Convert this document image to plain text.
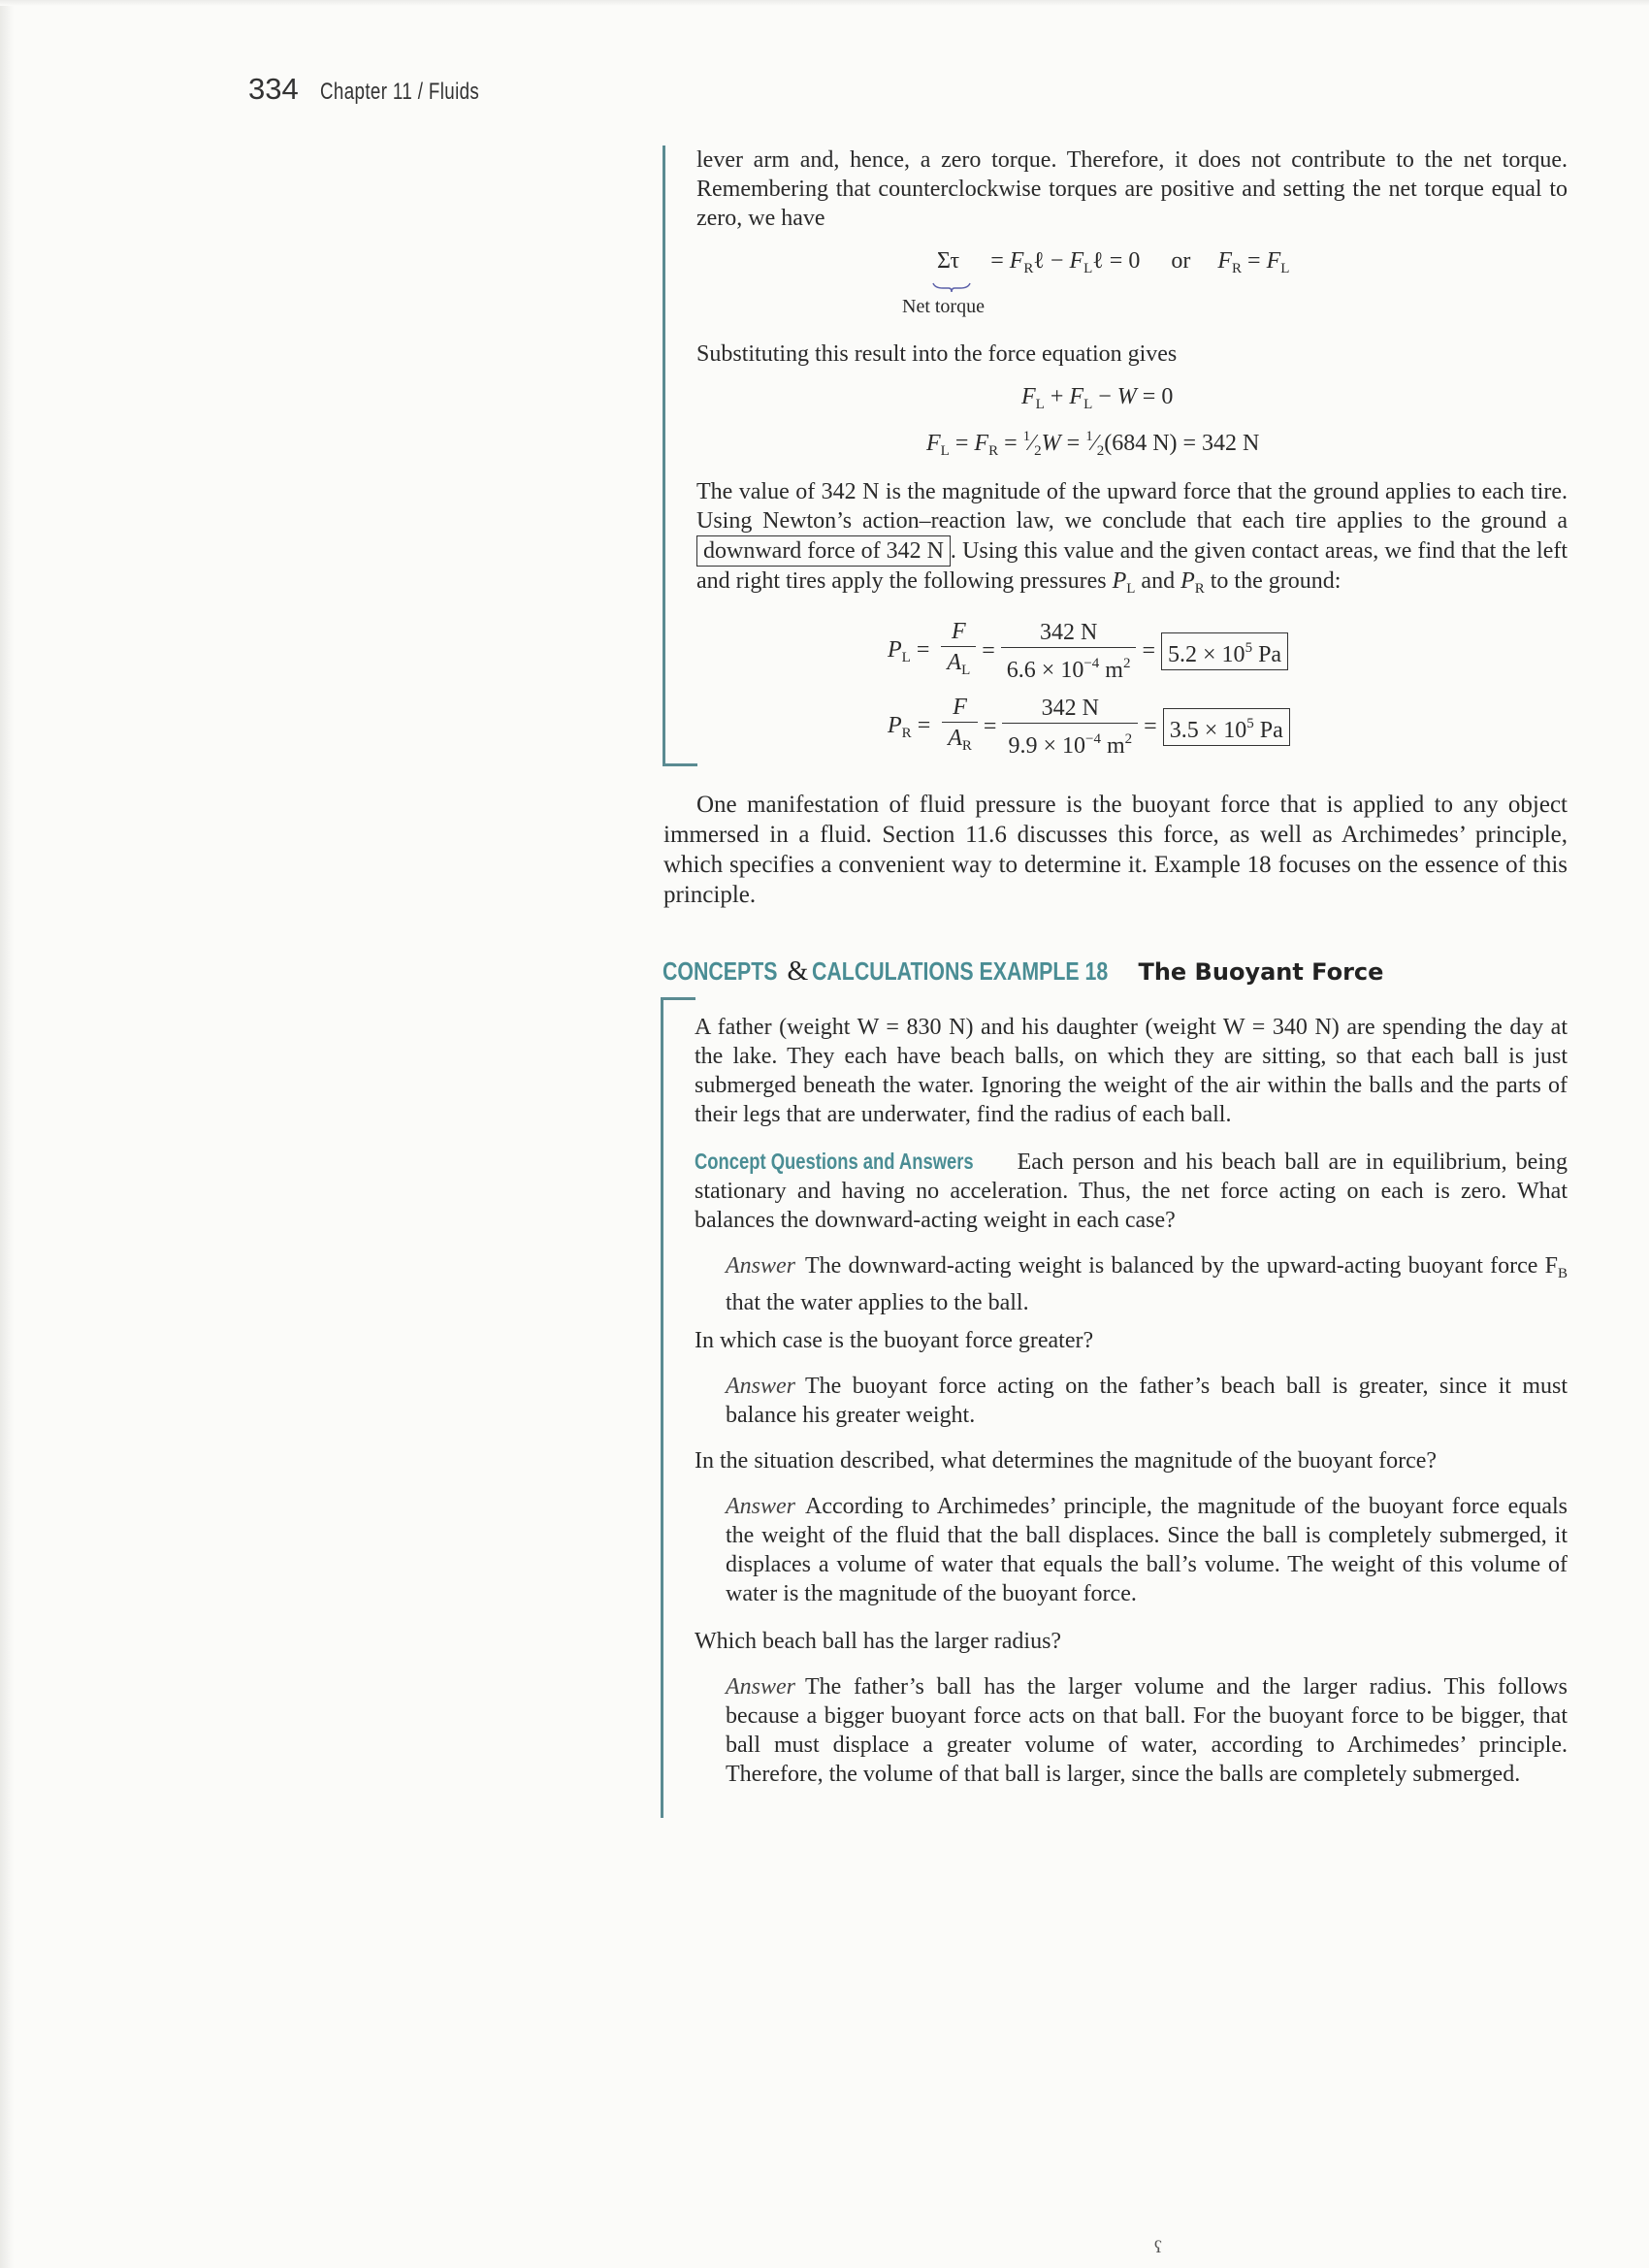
334 Chapter 11 / Fluids
lever arm and, hence, a zero torque. Therefore, it does not contribute to the net torque. Remembering that counterclockwise torques are positive and setting the net torque equal to zero, we have
$\Sigma\tau = F_R\ell$ − $F_L\ell = 0$ or $F_R = F_L$
Net torque
Substituting this result into the force equation gives
$F_L + F_L - W = 0$
$F_L = F_R$ = $^1⁄_2W$ = $^1⁄_2(684$ N) = 342 N
The value of 342 N is the magnitude of the upward force that the ground applies to each tire. Using Newton’s action–reaction law, we conclude that each tire applies to the ground a downward force of 342 N . Using this value and the given contact areas, we find that the left and right tires apply the following pressures $P_L$ and $P_R$ to the ground:
$P_L = \frac{F}{A_L} = \frac{342 N}{6.6 \times 10^{-4} m^2} = 5.2 \times 10^5$ Pa
$P_R = \frac{F}{A_R} = \frac{342 N}{9.9 \times 10^{-4} m^2} = 3.5 \times 10^5$ Pa
One manifestation of fluid pressure is the buoyant force that is applied to any object immersed in a fluid. Section 11.6 discusses this force, as well as Archimedes’ principle, which specifies a convenient way to determine it. Example 18 focuses on the essence of this principle.
CONCEPTS & CALCULATIONS EXAMPLE 18 The Buoyant Force
A father (weight W = 830 N) and his daughter (weight W = 340 N) are spending the day at the lake. They each have beach balls, on which they are sitting, so that each ball is just submerged beneath the water. Ignoring the weight of the air within the balls and the parts of their legs that are underwater, find the radius of each ball.
Concept Questions and Answers Each person and his beach ball are in equilibrium, being stationary and having no acceleration. Thus, the net force acting on each is zero. What balances the downward-acting weight in each case?
Answer The downward-acting weight is balanced by the upward-acting buoyant force $F_B$ that the water applies to the ball.
In which case is the buoyant force greater?
Answer The buoyant force acting on the father’s beach ball is greater, since it must balance his greater weight.
In the situation described, what determines the magnitude of the buoyant force?
Answer According to Archimedes’ principle, the magnitude of the buoyant force equals the weight of the fluid that the ball displaces. Since the ball is completely submerged, it displaces a volume of water that equals the ball’s volume. The weight of this volume of water is the magnitude of the buoyant force.
Which beach ball has the larger radius?
Answer The father’s ball has the larger volume and the larger radius. This follows because a bigger buoyant force acts on that ball. For the buoyant force to be bigger, that ball must displace a greater volume of water, according to Archimedes’ principle. Therefore, the volume of that ball is larger, since the balls are completely submerged.
ʕ
